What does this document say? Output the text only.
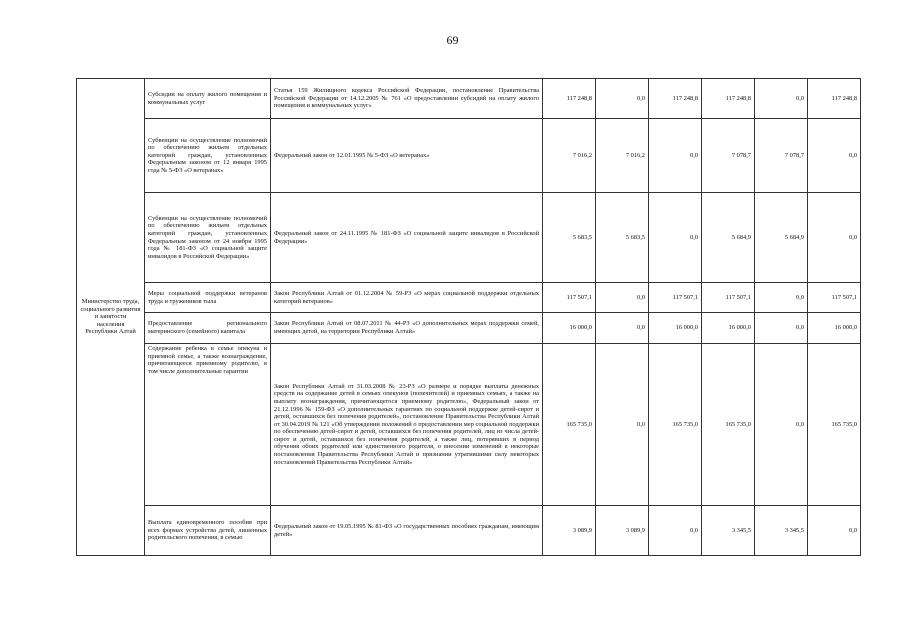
69
Министерство труда, социального развития и занятости населения Республики Алтай	Субсидии на оплату жилого помещения и коммунальных услуг	Статья 159 Жилищного кодекса Российской Федерации, постановление Правительства Российской Федерации от 14.12.2005 № 761 «О предоставлении субсидий на оплату жилого помещения и коммунальных услуг»	117 248,8	0,0	117 248,8	117 248,8	0,0	117 248,8
	Субвенции на осуществление полномочий по обеспечению жильем отдельных категорий граждан, установленных Федеральным законом от 12 января 1995 года № 5-ФЗ «О ветеранах»	Федеральный закон от 12.01.1995 № 5-ФЗ «О ветеранах»	7 016,2	7 016,2	0,0	7 078,7	7 078,7	0,0
	Субвенции на осуществление полномочий по обеспечению жильем отдельных категорий граждан, установленных Федеральным законом от 24 ноября 1995 года № 181-ФЗ «О социальной защите инвалидов в Российской Федерации»	Федеральный закон от 24.11.1995 № 181-ФЗ «О социальной защите инвалидов в Российской Федерации»	5 683,5	5 683,5	0,0	5 684,9	5 684,9	0,0
	Меры социальной поддержки ветеранов труда и тружеников тыла	Закон Республики Алтай от 01.12.2004 № 59-РЗ «О мерах социальной поддержки отдельных категорий ветеранов»	117 507,1	0,0	117 507,1	117 507,1	0,0	117 507,1
	Предоставление регионального материнского (семейного) капитала	Закон Республики Алтай от 08.07.2011 № 44-РЗ «О дополнительных мерах поддержки семей, имеющих детей, на территории Республики Алтай»	16 000,0	0,0	16 000,0	16 000,0	0,0	16 000,0
	Содержание ребенка в семье опекуна и приемной семье, а также вознаграждение, причитающееся приемному родителю, в том числе дополнительные гарантии	Закон Республики Алтай от 31.03.2008 № 23-РЗ «О размере и порядке выплаты денежных средств на содержание детей в семьях опекунов (попечителей) и приемных семьях, а также на выплату вознаграждения, причитающегося приемному родителю», Федеральный закон от 21.12.1996 № 159-ФЗ «О дополнительных гарантиях по социальной поддержке детей-сирот и детей, оставшихся без попечения родителей», постановление Правительства Республики Алтай от 30.04.2019 № 121 «Об утверждении положений о предоставлении мер социальной поддержки по обеспечению детей-сирот и детей, оставшихся без попечения родителей, лиц из числа детей-сирот и детей, оставшихся без попечения родителей, а также лиц, потерявших в период обучения обоих родителей или единственного родителя, о внесении изменений в некоторые постановления Правительства Республики Алтай и признании утратившими силу некоторых постановлений Правительства Республики Алтай»	165 735,0	0,0	165 735,0	165 735,0	0,0	165 735,0
	Выплата единовременного пособия при всех формах устройства детей, лишенных родительского попечения, в семью	Федеральный закон от 19.05.1995 № 81-ФЗ «О государственных пособиях гражданам, имеющим детей»	3 089,9	3 089,9	0,0	3 345,5	3 345,5	0,0
